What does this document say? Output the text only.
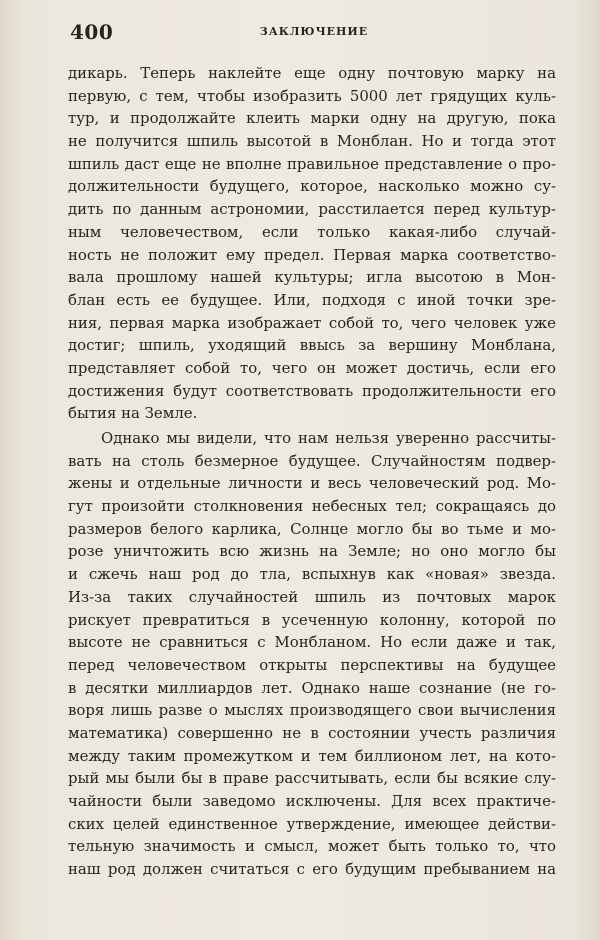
400	ЗАКЛЮЧЕНИЕ
дикарь. Теперь наклейте еще одну почтовую марку на
первую, с тем, чтобы изобразить 5000 лет грядущих куль-
тур, и продолжайте клеить марки одну на другую, пока
не получится шпиль высотой в Монблан. Но и тогда этот
шпиль даст еще не вполне правильное представление о про-
должительности будущего, которое, насколько можно су-
дить по данным астрономии, расстилается перед культур-
ным человечеством, если только какая-либо случай-
ность не положит ему предел. Первая марка соответство-
вала прошлому нашей культуры; игла высотою в Мон-
блан есть ее будущее. Или, подходя с иной точки зре-
ния, первая марка изображает собой то, чего человек уже
достиг; шпиль, уходящий ввысь за вершину Монблана,
представляет собой то, чего он может достичь, если его
достижения будут соответствовать продолжительности его
бытия на Земле.
Однако мы видели, что нам нельзя уверенно рассчиты-
вать на столь безмерное будущее. Случайностям подвер-
жены и отдельные личности и весь человеческий род. Мо-
гут произойти столкновения небесных тел; сокращаясь до
размеров белого карлика, Солнце могло бы во тьме и мо-
розе уничтожить всю жизнь на Земле; но оно могло бы
и сжечь наш род до тла, вспыхнув как «новая» звезда.
Из-за таких случайностей шпиль из почтовых марок
рискует превратиться в усеченную колонну, которой по
высоте не сравниться с Монбланом. Но если даже и так,
перед человечеством открыты перспективы на будущее
в десятки миллиардов лет. Однако наше сознание (не го-
воря лишь разве о мыслях производящего свои вычисления
математика) совершенно не в состоянии учесть различия
между таким промежутком и тем биллионом лет, на кото-
рый мы были бы в праве рассчитывать, если бы всякие слу-
чайности были заведомо исключены. Для всех практиче-
ских целей единственное утверждение, имеющее действи-
тельную значимость и смысл, может быть только то, что
наш род должен считаться с его будущим пребыванием на
